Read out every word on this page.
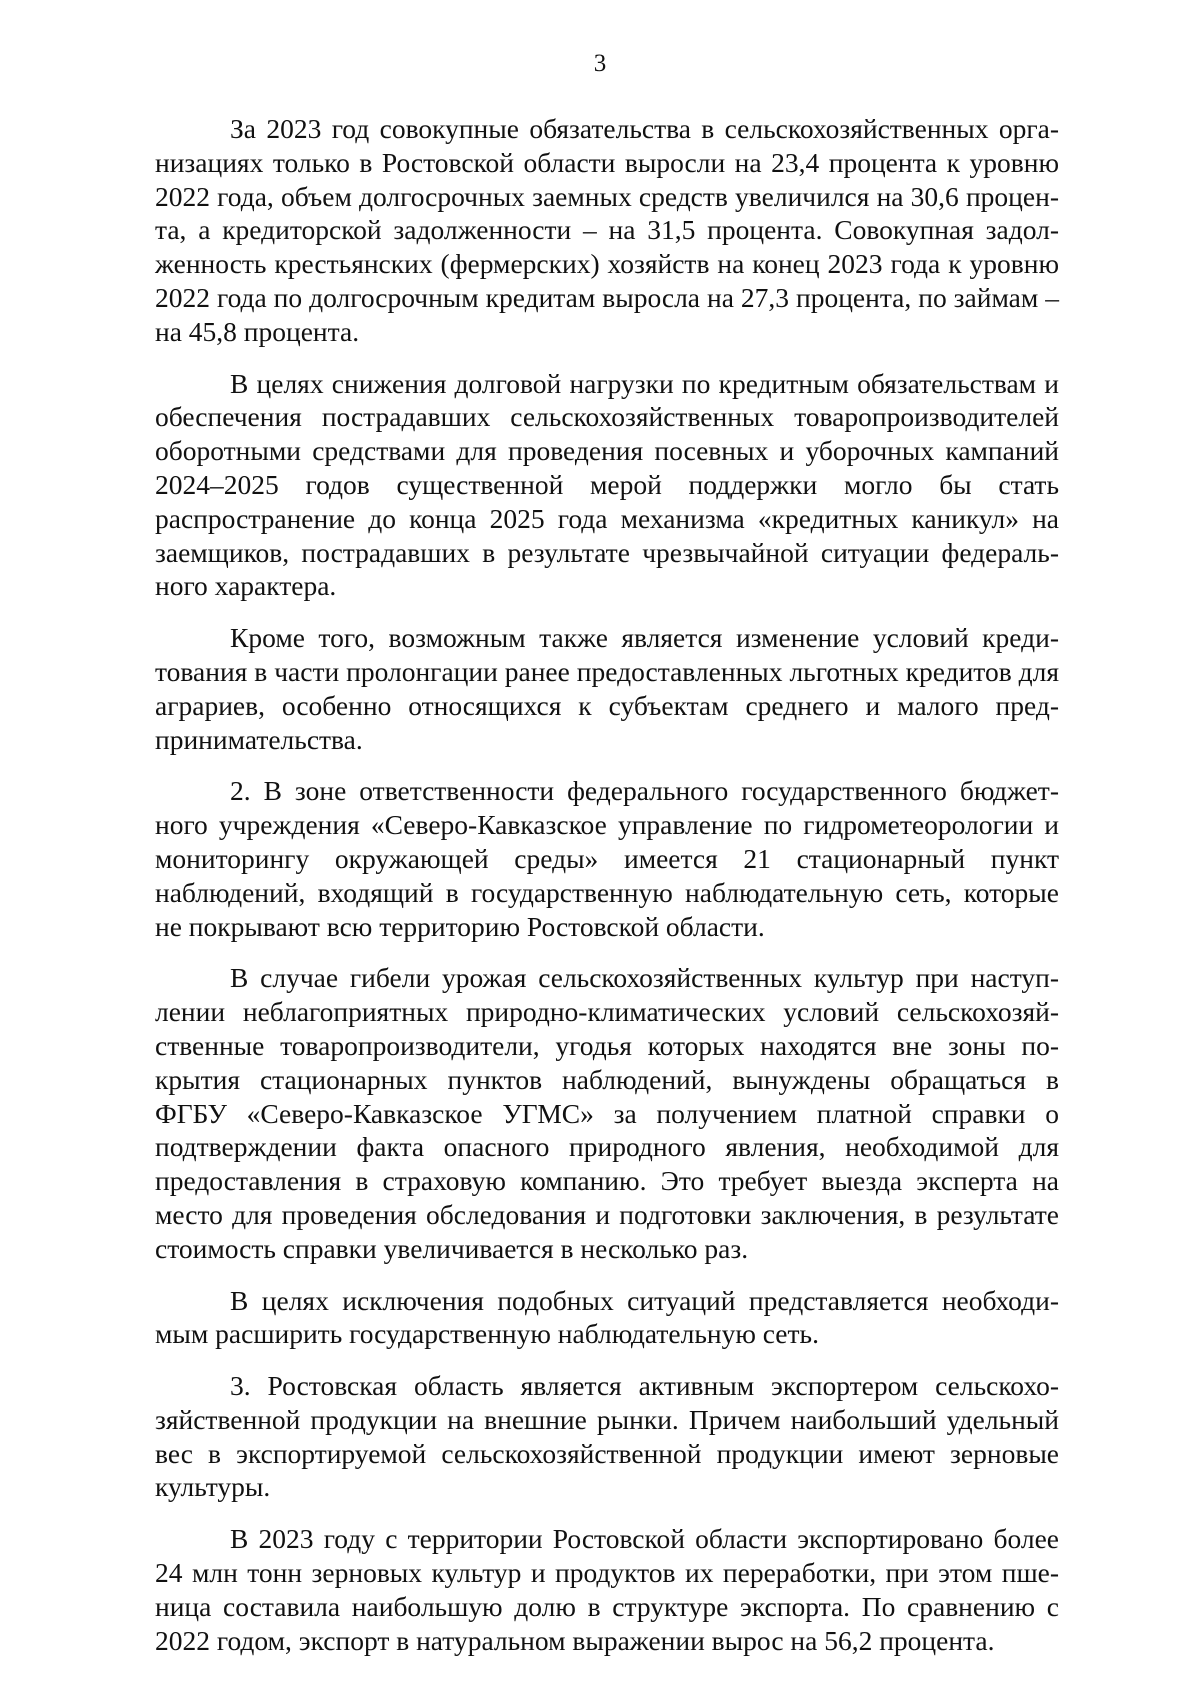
3

За 2023 год совокупные обязательства в сельскохозяйственных организациях только в Ростовской области выросли на 23,4 процента к уровню 2022 года, объем долгосрочных заемных средств увеличился на 30,6 процента, а кредиторской задолженности – на 31,5 процента. Совокупная задолженность крестьянских (фермерских) хозяйств на конец 2023 года к уровню 2022 года по долгосрочным кредитам выросла на 27,3 процента, по займам – на 45,8 процента.

В целях снижения долговой нагрузки по кредитным обязательствам и обеспечения пострадавших сельскохозяйственных товаропроизводителей оборотными средствами для проведения посевных и уборочных кампаний 2024–2025 годов существенной мерой поддержки могло бы стать распространение до конца 2025 года механизма «кредитных каникул» на заемщиков, пострадавших в результате чрезвычайной ситуации федерального характера.

Кроме того, возможным также является изменение условий кредитования в части пролонгации ранее предоставленных льготных кредитов для аграриев, особенно относящихся к субъектам среднего и малого предпринимательства.

2. В зоне ответственности федерального государственного бюджетного учреждения «Северо-Кавказское управление по гидрометеорологии и мониторингу окружающей среды» имеется 21 стационарный пункт наблюдений, входящий в государственную наблюдательную сеть, которые не покрывают всю территорию Ростовской области.

В случае гибели урожая сельскохозяйственных культур при наступлении неблагоприятных природно-климатических условий сельскохозяйственные товаропроизводители, угодья которых находятся вне зоны покрытия стационарных пунктов наблюдений, вынуждены обращаться в ФГБУ «Северо-Кавказское УГМС» за получением платной справки о подтверждении факта опасного природного явления, необходимой для предоставления в страховую компанию. Это требует выезда эксперта на место для проведения обследования и подготовки заключения, в результате стоимость справки увеличивается в несколько раз.

В целях исключения подобных ситуаций представляется необходимым расширить государственную наблюдательную сеть.

3. Ростовская область является активным экспортером сельскохозяйственной продукции на внешние рынки. Причем наибольший удельный вес в экспортируемой сельскохозяйственной продукции имеют зерновые культуры.

В 2023 году с территории Ростовской области экспортировано более 24 млн тонн зерновых культур и продуктов их переработки, при этом пшеница составила наибольшую долю в структуре экспорта. По сравнению с 2022 годом, экспорт в натуральном выражении вырос на 56,2 процента.
